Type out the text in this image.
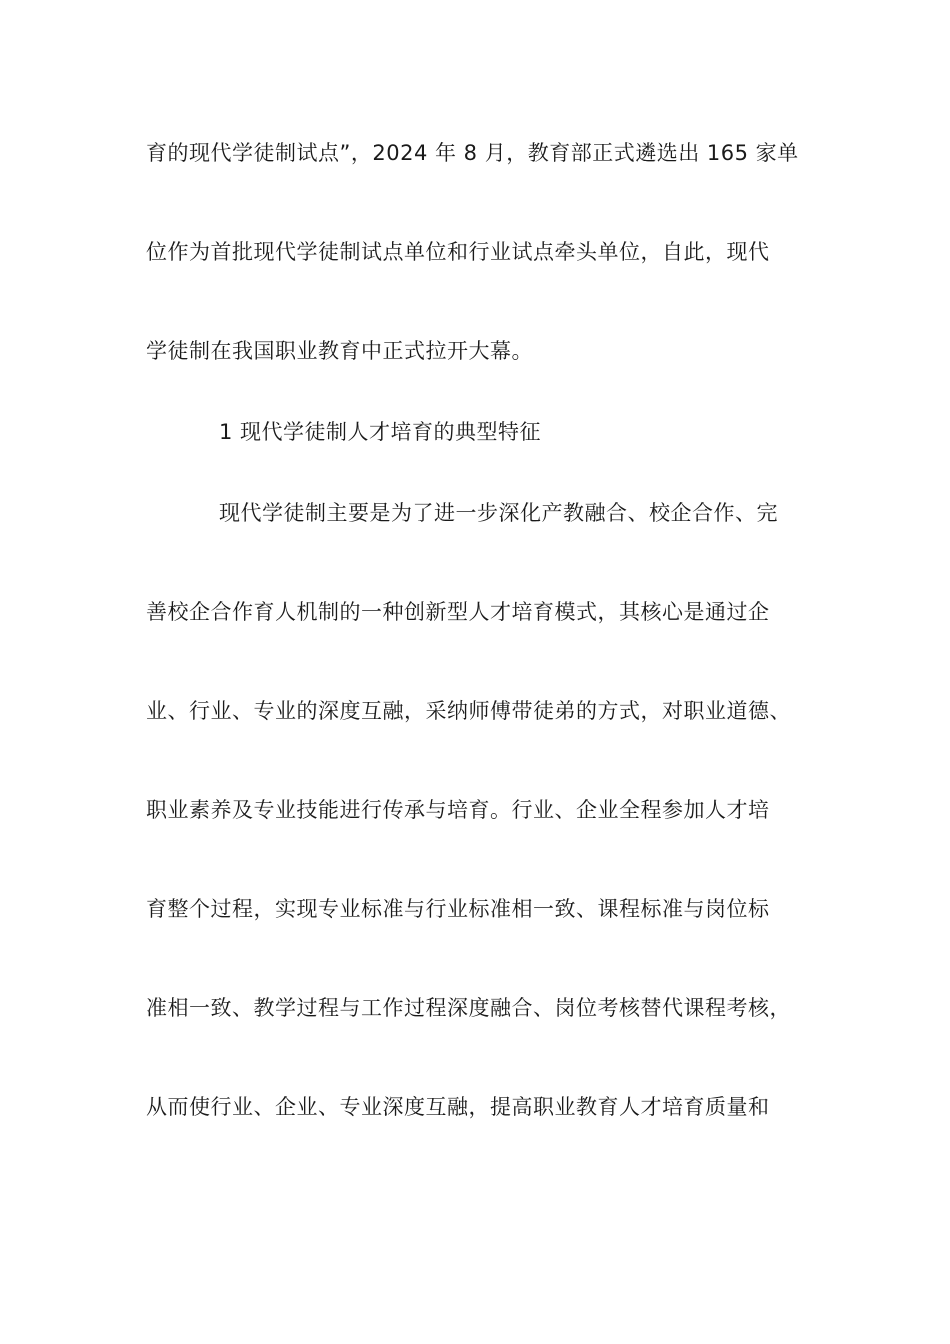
育的现代学徒制试点”，2024 年 8 月，教育部正式遴选出 165 家单
位作为首批现代学徒制试点单位和行业试点牵头单位，自此，现代
学徒制在我国职业教育中正式拉开大幕。
1 现代学徒制人才培育的典型特征
现代学徒制主要是为了进一步深化产教融合、校企合作、完
善校企合作育人机制的一种创新型人才培育模式，其核心是通过企
业、行业、专业的深度互融，采纳师傅带徒弟的方式，对职业道德、
职业素养及专业技能进行传承与培育。行业、企业全程参加人才培
育整个过程，实现专业标准与行业标准相一致、课程标准与岗位标
准相一致、教学过程与工作过程深度融合、岗位考核替代课程考核，
从而使行业、企业、专业深度互融，提高职业教育人才培育质量和
